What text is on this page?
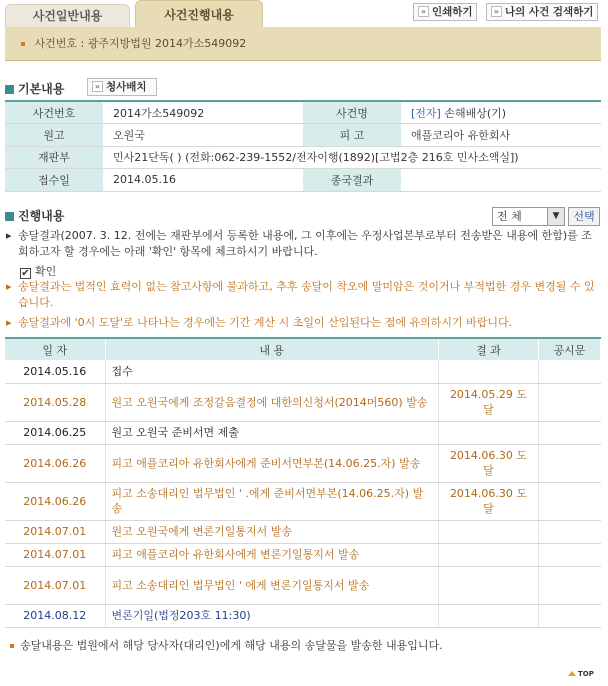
사건일반내용	사건진행내용	» 인쇄하기	» 나의 사건 검색하기
사건번호 : 광주지방법원 2014가소549092
기본내용	» 청사배치
사건번호	2014가소549092	사건명	[전자] 손해배상(기)
원고	오원국	피 고	애플코리아 유한회사
재판부	민사21단독( ) (전화:062-239-1552/전자이행(1892)[고법2층 216호 민사소액실])		
접수일	2014.05.16	종국결과	
진행내용	전 체	▼	선택
▸ 송달결과(2007. 3. 12. 전에는 재판부에서 등록한 내용에, 그 이후에는 우정사업본부로부터 전송받은 내용에 한함)를 조회하고자 할 경우에는 아래 '확인' 항목에 체크하시기 바랍니다.
✔ 확인
▸ 송달결과는 법적인 효력이 없는 참고사항에 불과하고, 추후 송달이 착오에 말미암은 것이거나 부적법한 경우 변경될 수 있습니다.
▸ 송달결과에 '0시 도달'로 나타나는 경우에는 기간 계산 시 초일이 산입된다는 점에 유의하시기 바랍니다.
일 자	내 용	결 과	공시문
2014.05.16	접수		
2014.05.28	원고 오원국에게 조정갈음결정에 대한의신청서(2014머560) 발송	2014.05.29 도달	
2014.06.25	원고 오원국 준비서면 제출		
2014.06.26	피고 애플코리아 유한회사에게 준비서면부본(14.06.25.자) 발송	2014.06.30 도달	
2014.06.26	피고 소송대리인 법무법인 ' .에게 준비서면부본(14.06.25.자) 발송	2014.06.30 도달	
2014.07.01	원고 오원국에게 변론기일통지서 발송		
2014.07.01	피고 애플코리아 유한회사에게 변론기일통지서 발송		
2014.07.01	피고 소송대리인 법무법인 ' 에게 변론기일통지서 발송		
2014.08.12	변론기일(법정203호 11:30)		
송달내용은 법원에서 해당 당사자(대리인)에게 해당 내용의 송달물을 발송한 내용입니다.
TOP
